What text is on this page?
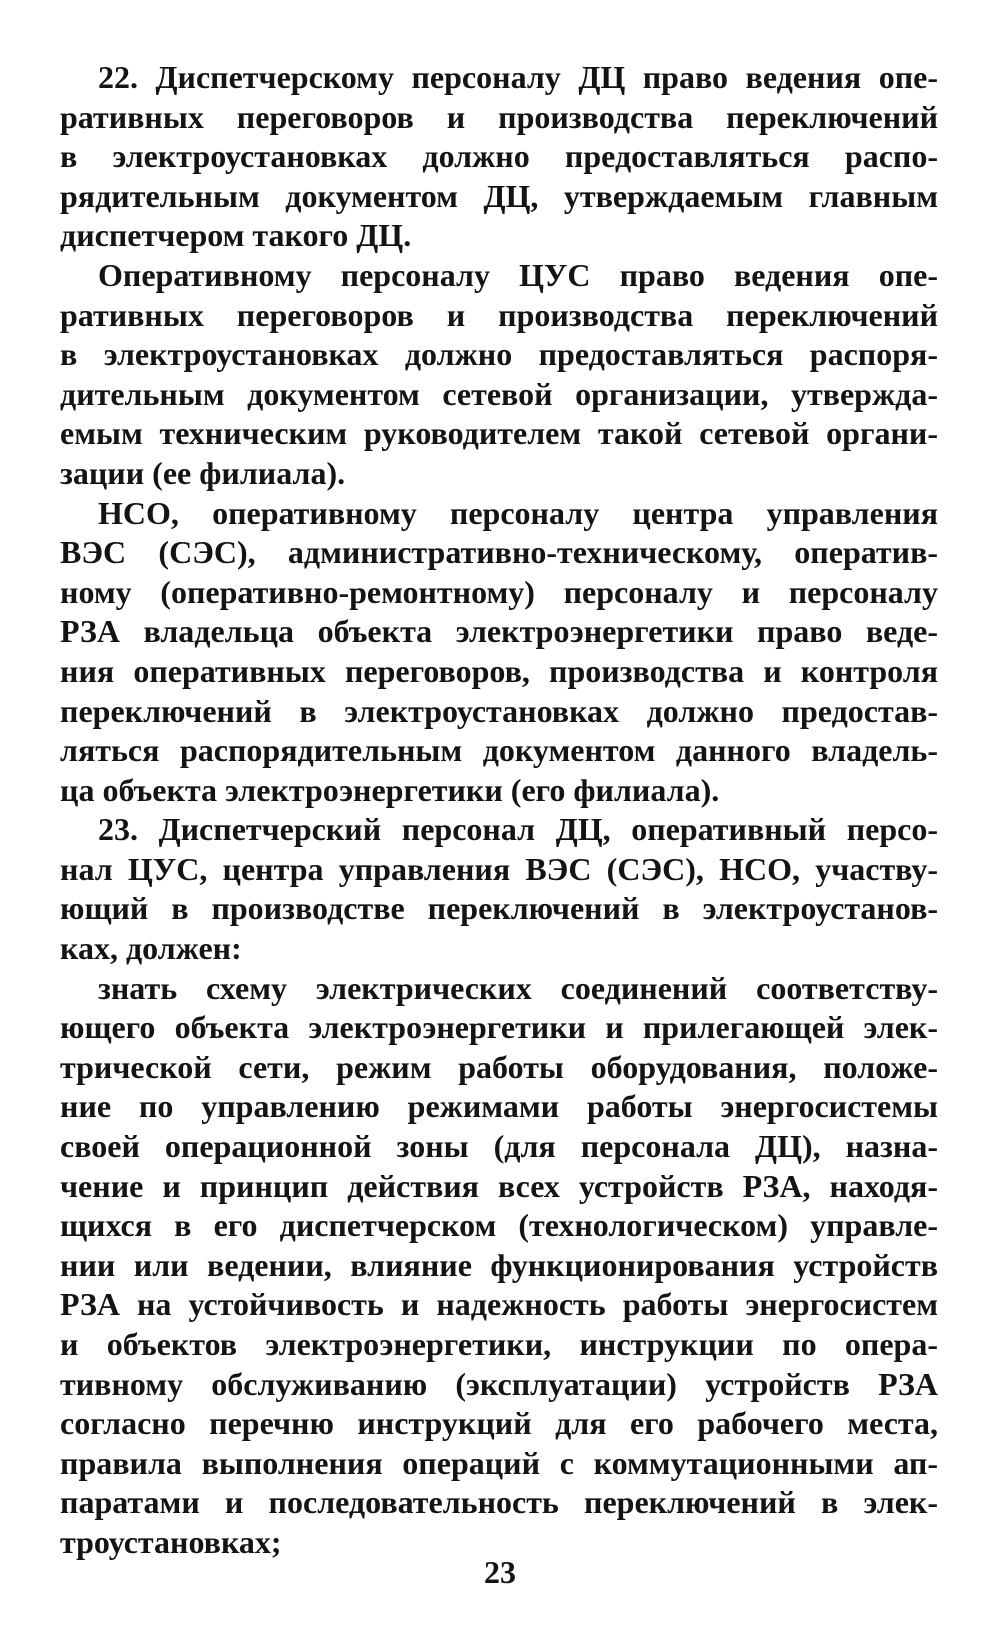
22. Диспетчерскому персоналу ДЦ право ведения опе-
ративных переговоров и производства переключений
в электроустановках должно предоставляться распо-
рядительным документом ДЦ, утверждаемым главным
диспетчером такого ДЦ.
Оперативному персоналу ЦУС право ведения опе-
ративных переговоров и производства переключений
в электроустановках должно предоставляться распоря-
дительным документом сетевой организации, утвержда-
емым техническим руководителем такой сетевой органи-
зации (ее филиала).
НСО, оперативному персоналу центра управления
ВЭС (СЭС), административно-техническому, оператив-
ному (оперативно-ремонтному) персоналу и персоналу
РЗА владельца объекта электроэнергетики право веде-
ния оперативных переговоров, производства и контроля
переключений в электроустановках должно предостав-
ляться распорядительным документом данного владель-
ца объекта электроэнергетики (его филиала).
23. Диспетчерский персонал ДЦ, оперативный персо-
нал ЦУС, центра управления ВЭС (СЭС), НСО, участву-
ющий в производстве переключений в электроустанов-
ках, должен:
знать схему электрических соединений соответству-
ющего объекта электроэнергетики и прилегающей элек-
трической сети, режим работы оборудования, положе-
ние по управлению режимами работы энергосистемы
своей операционной зоны (для персонала ДЦ), назна-
чение и принцип действия всех устройств РЗА, находя-
щихся в его диспетчерском (технологическом) управле-
нии или ведении, влияние функционирования устройств
РЗА на устойчивость и надежность работы энергосистем
и объектов электроэнергетики, инструкции по опера-
тивному обслуживанию (эксплуатации) устройств РЗА
согласно перечню инструкций для его рабочего места,
правила выполнения операций с коммутационными ап-
паратами и последовательность переключений в элек-
троустановках;
23
